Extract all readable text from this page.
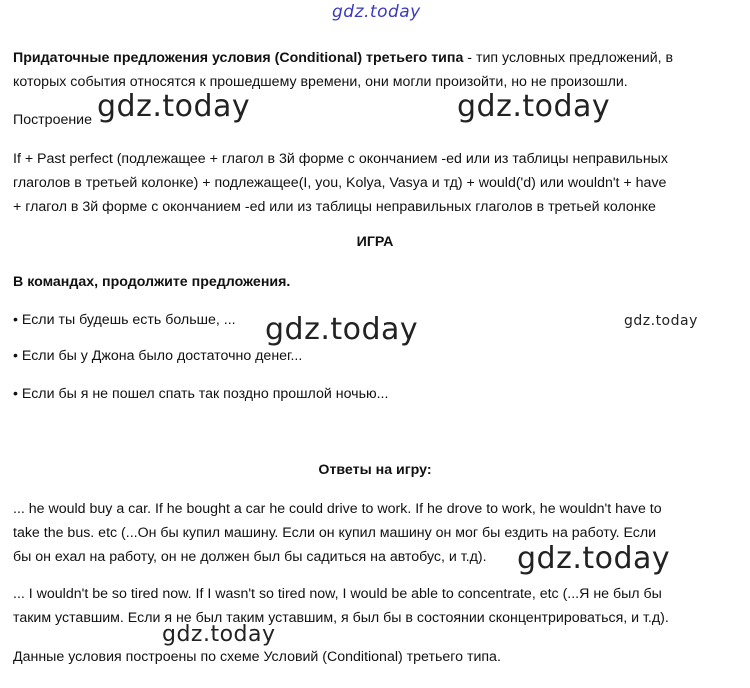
gdz.today
gdz.today	gdz.today
gdz.today	gdz.today
gdz.today
gdz.today
Придаточные предложения условия (Conditional) третьего типа - тип условных предложений, в
которых события относятся к прошедшему времени, они могли произойти, но не произошли.
Построение
If + Past perfect (подлежащее + глагол в 3й форме с окончанием -ed или из таблицы неправильных
глаголов в третьей колонке) + подлежащее(I, you, Kolya, Vasya и тд) + would('d) или wouldn't + have
+ глагол в 3й форме с окончанием -ed или из таблицы неправильных глаголов в третьей колонке
ИГРА
В командах, продолжите предложения.
• Если ты будешь есть больше, ...
• Если бы у Джона было достаточно денег...
• Если бы я не пошел спать так поздно прошлой ночью...
Ответы на игру:
... he would buy a car. If he bought a car he could drive to work. If he drove to work, he wouldn't have to
take the bus. etc (...Он бы купил машину. Если он купил машину он мог бы ездить на работу. Если
бы он ехал на работу, он не должен был бы садиться на автобус, и т.д).
... I wouldn't be so tired now. If I wasn't so tired now, I would be able to concentrate, etc (...Я не был бы
таким уставшим. Если я не был таким уставшим, я был бы в состоянии сконцентрироваться, и т.д).
Данные условия построены по схеме Условий (Conditional) третьего типа.
